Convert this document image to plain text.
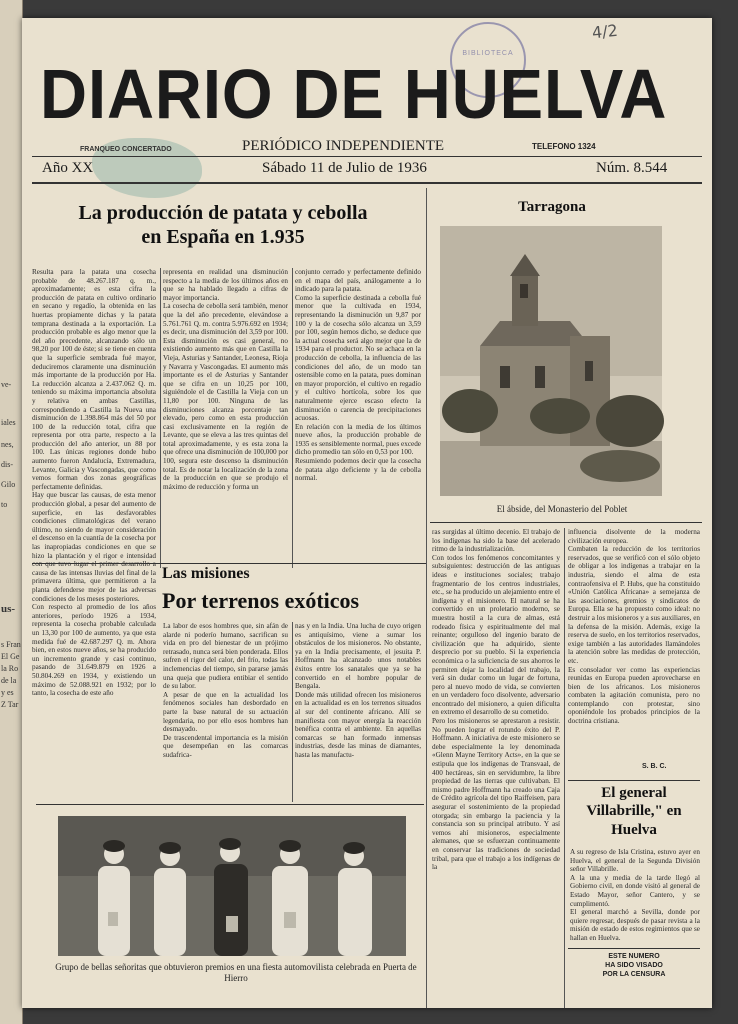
ve-
iales
nes,
dis-
Gilo
to
us-
s Fran
El Ge
la Ro
de la
y es
Z Tar
BIBLIOTECA
4/2
DIARIO DE HUELVA
FRANQUEO CONCERTADO	PERIÓDICO INDEPENDIENTE	TELEFONO 1324
Año XX	Sábado 11 de Julio de 1936	Núm. 8.544
La producción de patata y cebolla
en España en 1.935
Resulta para la patata una cosecha probable de 48.267.187 q. m., aproximadamente; es esta cifra la producción de patata en cultivo ordinario en secano y regadío, la obtenida en las huertas propiamente dichas y la patata temprana destinada a la exportación. La producción probable es algo menor que la del año precedente, alcanzando sólo un 98,20 por 100 de éste; si se tiene en cuenta que la superficie sembrada fué mayor, deduciremos claramente una disminución más importante de la producción por Ha. La reducción alcanza a 2.437.062 Q. m. teniendo su máxima importancia absoluta y relativa en ambas Castillas, correspondiendo a Castilla la Nueva una disminución de 1.398.864 más del 50 por 100 de la reducción total, cifra que representa por otra parte, respecto a la producción del año anterior, un 88 por 100. Las únicas regiones donde hubo aumento fueron Andalucía, Extremadura, Levante, Galicia y Vascongadas, que como vemos forman dos zonas geográficas perfectamente definidas.
Hay que buscar las causas, de esta menor producción global, a pesar del aumento de superficie, en las desfavorables condiciones climatológicas del verano último, no siendo de mayor consideración el descenso en la cuantía de la cosecha por las inapropiadas condiciones en que se hizo la plantación y el rigor e intensidad con que tuvo lugar el primer desarrollo a causa de las intensas lluvias del final de la primavera última, que permitieron a la planta defenderse mejor de las adversas condiciones de los meses posteriores.
Con respecto al promedio de los años anteriores, período 1926 a 1934, representa la cosecha probable calculada un 13,30 por 100 de aumento, ya que esta medida fué de 42.687.297 Q. m. Ahora bien, en estos nueve años, se ha producido un incremento grande y casi continuo, pasando de 31.649.879 en 1926 a 50.804.269 en 1934, y existiendo un máximo de 52.088.921 en 1932; por lo tanto, la cosecha de este año
representa en realidad una disminución respecto a la media de los últimos años en que se ha hablado llegado a cifras de mayor importancia.
La cosecha de cebolla será también, menor que la del año precedente, elevándose a 5.761.761 Q. m. contra 5.976.692 en 1934; es decir, una disminución del 3,59 por 100. Esta disminución es casi general, no existiendo aumento más que en Castilla la Vieja, Asturias y Santander, Leonesa, Rioja y Navarra y Vascongadas. El aumento más importante es el de Asturias y Santander que se cifra en un 10,25 por 100, siguiéndole el de Castilla la Vieja con un 11,80 por 100. Ninguna de las disminuciones alcanza porcentaje tan elevado, pero como en esta producción casi exclusivamente en la región de Levante, que se eleva a las tres quintas del total aproximadamente, y es esta zona la que ofrece una disminución de 100,000 por 100, segura este descenso la disminución total. Es de notar la localización de la zona de la producción en que se produjo el máximo de reducción y forma un
conjunto cerrado y perfectamente definido en el mapa del país, análogamente a lo indicado para la patata.
Como la superficie destinada a cebolla fué menor que la cultivada en 1934, representando la disminución un 9,87 por 100 y la de cosecha sólo alcanza un 3,59 por 100, según hemos dicho, se deduce que la actual cosecha será algo mejor que la de 1934 para el productor. No se achaca en la producción de cebolla, la influencia de las condiciones del año, de un modo tan ostensible como en la patata, pues dominan en mayor proporción, el cultivo en regadío y el cultivo hortícola, sobre los que naturalmente ejerce escaso efecto la disminución o carencia de precipitaciones acuosas.
En relación con la media de los últimos nueve años, la producción probable de 1935 es sensiblemente normal, pues excede dicho promedio tan sólo en 0,53 por 100.
Resumiendo podemos decir que la cosecha de patata algo deficiente y la de cebolla normal.
Tarragona
El ábside, del Monasterio del Poblet
Las misiones
Por terrenos exóticos
La labor de esos hombres que, sin afán de alarde ni poderío humano, sacrifican su vida en pro del bienestar de un prójimo retrasado, nunca será bien ponderada. Ellos sufren el rigor del calor, del frío, todas las inclemencias del tiempo, sin pararse jamás una queja que pudiera entibiar el sentido de su labor.
A pesar de que en la actualidad los fenómenos sociales han desbordado en parte la base natural de su actuación legendaria, no por ello esos hombres han desmayado.
De trascendental importancia es la misión que desempeñan en las comarcas sudafrica-
nas y en la India. Una lucha de cuyo origen es antiquísimo, viene a sumar los obstáculos de los misioneros. No obstante, ya en la India precisamente, el jesuita P. Hoffmann ha alcanzado unos notables éxitos entre los sanatales que ya se ha convertido en el hombre popular de Bengala.
Donde más utilidad ofrecen los misioneros en la actualidad es en los terrenos situados al sur del continente africano. Allí se manifiesta con mayor energía la reacción benéfica contra el ambiente. En aquellas comarcas se han formado inmensas industrias, desde las minas de diamantes, hasta las manufactu-
ras surgidas al último decenio. El trabajo de los indígenas ha sido la base del acelerado ritmo de la industrialización.
Con todos los fenómenos concomitantes y subsiguientes: destrucción de las antiguas ideas e instituciones sociales; trabajo fragmentario de los centros industriales, etc., se ha producido un alejamiento entre el indígena y el misionero. El natural se ha convertido en un proletario moderno, se muestra hostil a la cura de almas, está rodeado física y espiritualmente del mal reinante; orgulloso del ingenio barato de civilización que ha adquirido, siente desprecio por su pueblo. Si la experiencia económica o la suficiencia de sus ahorros le permiten dejar la localidad del trabajo, la verá sin dudar como un lugar de fortuna, pero al nuevo modo de vida, se convierten en un verdadero foco disolvente, adversario encontrado del misionero, a quien dificulta en extremo el desarrollo de su cometido.
Pero los misioneros se aprestaron a resistir. No pueden lograr el rotundo éxito del P. Hoffmann. A iniciativa de este misionero se debe especialmente la ley denominada «Glenn Mayne Territory Acts», en la que se estipula que los indígenas de Transvaal, de 400 hectáreas, sin en servidumbre, la libre propiedad de las tierras que cultivaban. El mismo padre Hoffmann ha creado una Caja de Crédito agrícola del tipo Raiffeisen, para asegurar el sostenimiento de la propiedad otorgada; sin embargo la paciencia y la constancia son su principal atributo. Y así vemos ahí misioneros, especialmente alemanes, que se esfuerzan continuamente en conservar las tradiciones de sociedad tribal, para que el trabajo a los indígenas de la
influencia disolvente de la moderna civilización europea.
Combaten la reducción de los territorios reservados, que se verificó con el sólo objeto de obligar a los indígenas a trabajar en la industria, siendo el alma de esta contraofensiva el P. Hubs, que ha constituido «Unión Católica Africana» a semejanza de las asociaciones, gremios y sindicatos de Europa. Ella se ha propuesto como ideal: no destruir a los misioneros y a sus auxiliares, en la defensa de la misión. Además, exige la reserva de suelo, en los territorios reservados, exige también a las autoridades llamándoles la atención sobre las medidas de protección, etc.
Es consolador ver como las experiencias reunidas en Europa pueden aprovecharse en bien de los africanos. Los misioneros combaten la agitación comunista, pero no contemplando con protestar, sino oponiéndole los probados principios de la doctrina cristiana.
S. B. C.
Grupo de bellas señoritas que obtuvieron premios en una fiesta automovilista celebrada en Puerta de Hierro
El general Villabrille," en Huelva
A su regreso de Isla Cristina, estuvo ayer en Huelva, el general de la Segunda División señor Villabrille.
A la una y media de la tarde llegó al Gobierno civil, en donde visitó al general de Estado Mayor, señor Cantero, y se cumplimentó.
El general marchó a Sevilla, donde por quiere regresar, después de pasar revista a la misión de estado de estos regimientos que se hallan en Huelva.
ESTE NUMERO
HA SIDO VISADO
POR LA CENSURA
